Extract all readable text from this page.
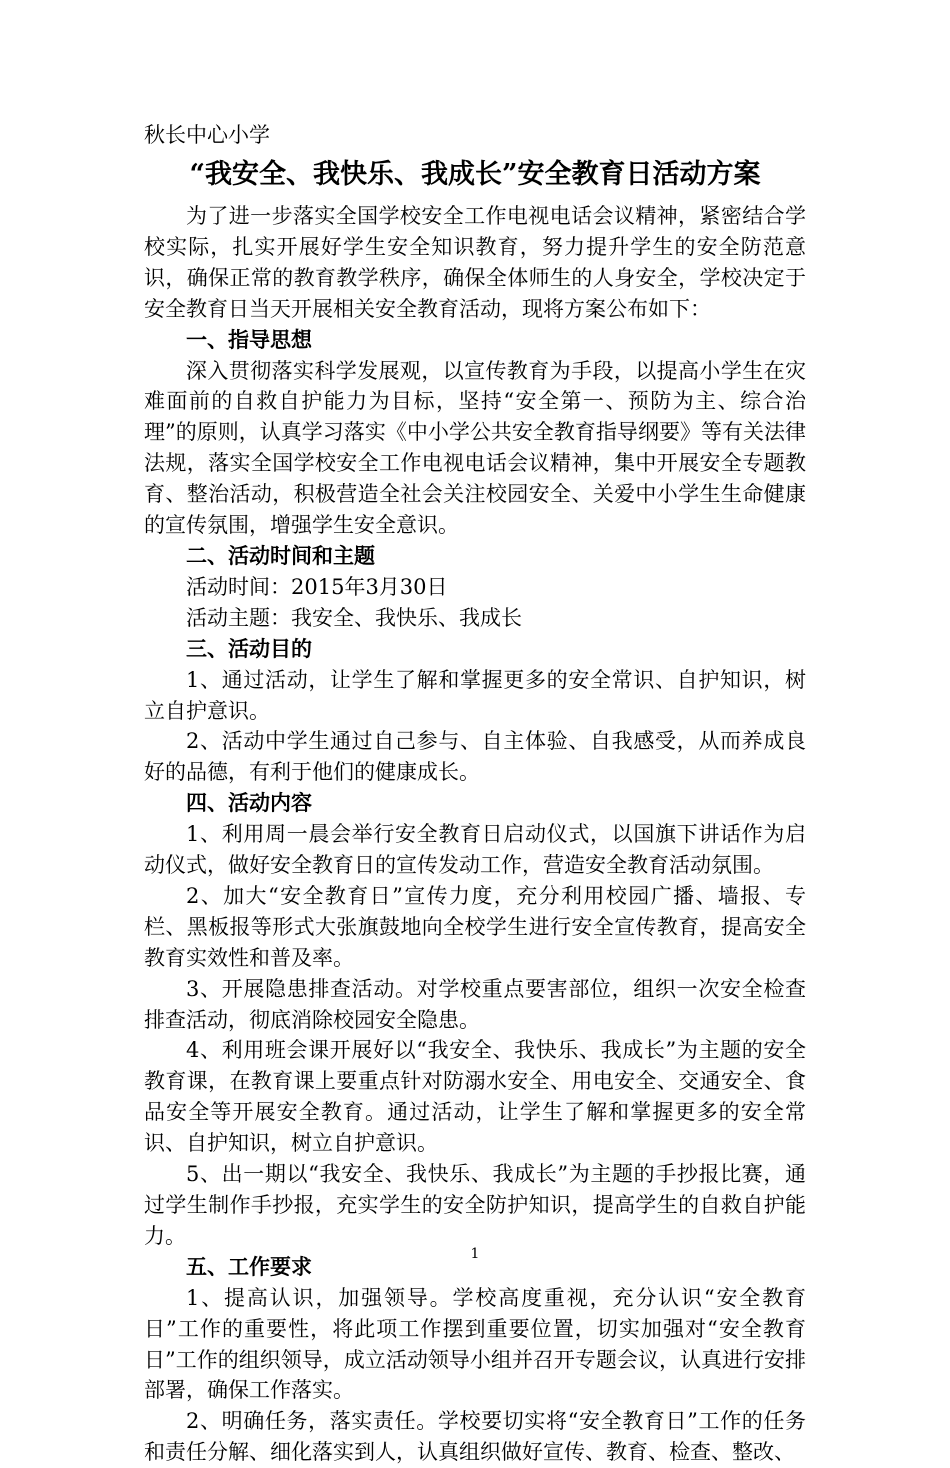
秋长中心小学
“我安全、我快乐、我成长”安全教育日活动方案

为了进一步落实全国学校安全工作电视电话会议精神，紧密结合学校实际，扎实开展好学生安全知识教育，努力提升学生的安全防范意识，确保正常的教育教学秩序，确保全体师生的人身安全，学校决定于安全教育日当天开展相关安全教育活动，现将方案公布如下：

一、指导思想

深入贯彻落实科学发展观，以宣传教育为手段，以提高小学生在灾难面前的自救自护能力为目标，坚持“安全第一、预防为主、综合治理”的原则，认真学习落实《中小学公共安全教育指导纲要》等有关法律法规，落实全国学校安全工作电视电话会议精神，集中开展安全专题教育、整治活动，积极营造全社会关注校园安全、关爱中小学生生命健康的宣传氛围，增强学生安全意识。

二、活动时间和主题

活动时间：2015年3月30日

活动主题：我安全、我快乐、我成长

三、活动目的

1、通过活动，让学生了解和掌握更多的安全常识、自护知识，树立自护意识。

2、活动中学生通过自己参与、自主体验、自我感受，从而养成良好的品德，有利于他们的健康成长。

四、活动内容

1、利用周一晨会举行安全教育日启动仪式，以国旗下讲话作为启动仪式，做好安全教育日的宣传发动工作，营造安全教育活动氛围。

2、加大“安全教育日”宣传力度，充分利用校园广播、墙报、专栏、黑板报等形式大张旗鼓地向全校学生进行安全宣传教育，提高安全教育实效性和普及率。

3、开展隐患排查活动。对学校重点要害部位，组织一次安全检查排查活动，彻底消除校园安全隐患。

4、利用班会课开展好以“我安全、我快乐、我成长”为主题的安全教育课，在教育课上要重点针对防溺水安全、用电安全、交通安全、食品安全等开展安全教育。通过活动，让学生了解和掌握更多的安全常识、自护知识，树立自护意识。

5、出一期以“我安全、我快乐、我成长”为主题的手抄报比赛，通过学生制作手抄报，充实学生的安全防护知识，提高学生的自救自护能力。

五、工作要求

1、提高认识，加强领导。学校高度重视，充分认识“安全教育日”工作的重要性，将此项工作摆到重要位置，切实加强对“安全教育日”工作的组织领导，成立活动领导小组并召开专题会议，认真进行安排部署，确保工作落实。

2、明确任务，落实责任。学校要切实将“安全教育日”工作的任务和责任分解、细化落实到人，认真组织做好宣传、教育、检查、整改、

1
